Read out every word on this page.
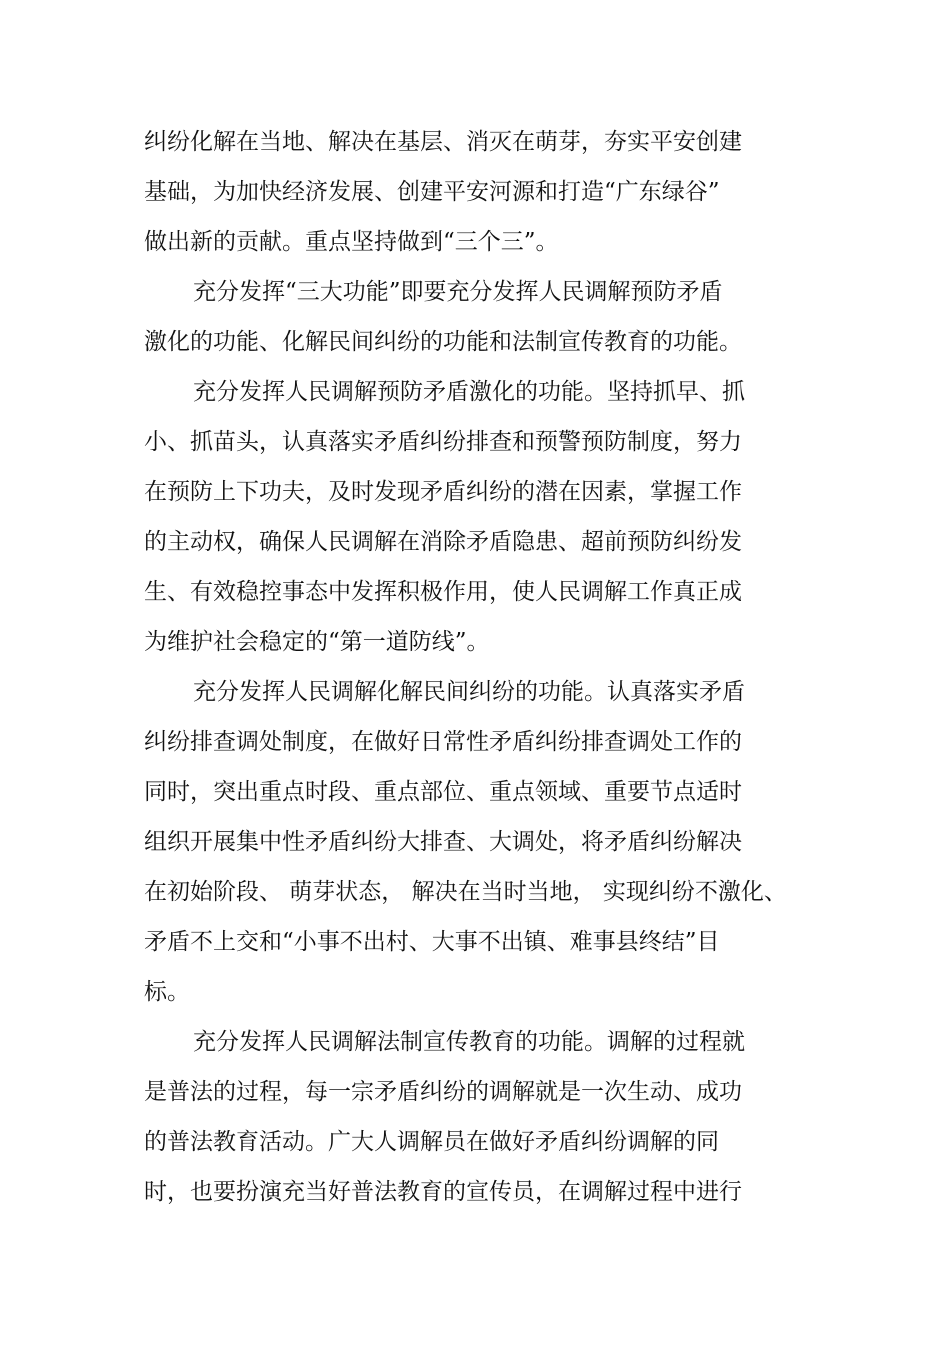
纠纷化解在当地、解决在基层、消灭在萌芽，夯实平安创建
基础，为加快经济发展、创建平安河源和打造“广东绿谷”
做出新的贡献。重点坚持做到“三个三”。
充分发挥“三大功能”即要充分发挥人民调解预防矛盾
激化的功能、化解民间纠纷的功能和法制宣传教育的功能。
充分发挥人民调解预防矛盾激化的功能。坚持抓早、抓
小、抓苗头，认真落实矛盾纠纷排查和预警预防制度，努力
在预防上下功夫，及时发现矛盾纠纷的潜在因素，掌握工作
的主动权，确保人民调解在消除矛盾隐患、超前预防纠纷发
生、有效稳控事态中发挥积极作用，使人民调解工作真正成
为维护社会稳定的“第一道防线”。
充分发挥人民调解化解民间纠纷的功能。认真落实矛盾
纠纷排查调处制度，在做好日常性矛盾纠纷排查调处工作的
同时，突出重点时段、重点部位、重点领域、重要节点适时
组织开展集中性矛盾纠纷大排查、大调处，将矛盾纠纷解决
在初始阶段、 萌芽状态， 解决在当时当地， 实现纠纷不激化、
矛盾不上交和“小事不出村、大事不出镇、难事县终结”目
标。
充分发挥人民调解法制宣传教育的功能。调解的过程就
是普法的过程，每一宗矛盾纠纷的调解就是一次生动、成功
的普法教育活动。广大人调解员在做好矛盾纠纷调解的同
时，也要扮演充当好普法教育的宣传员，在调解过程中进行
